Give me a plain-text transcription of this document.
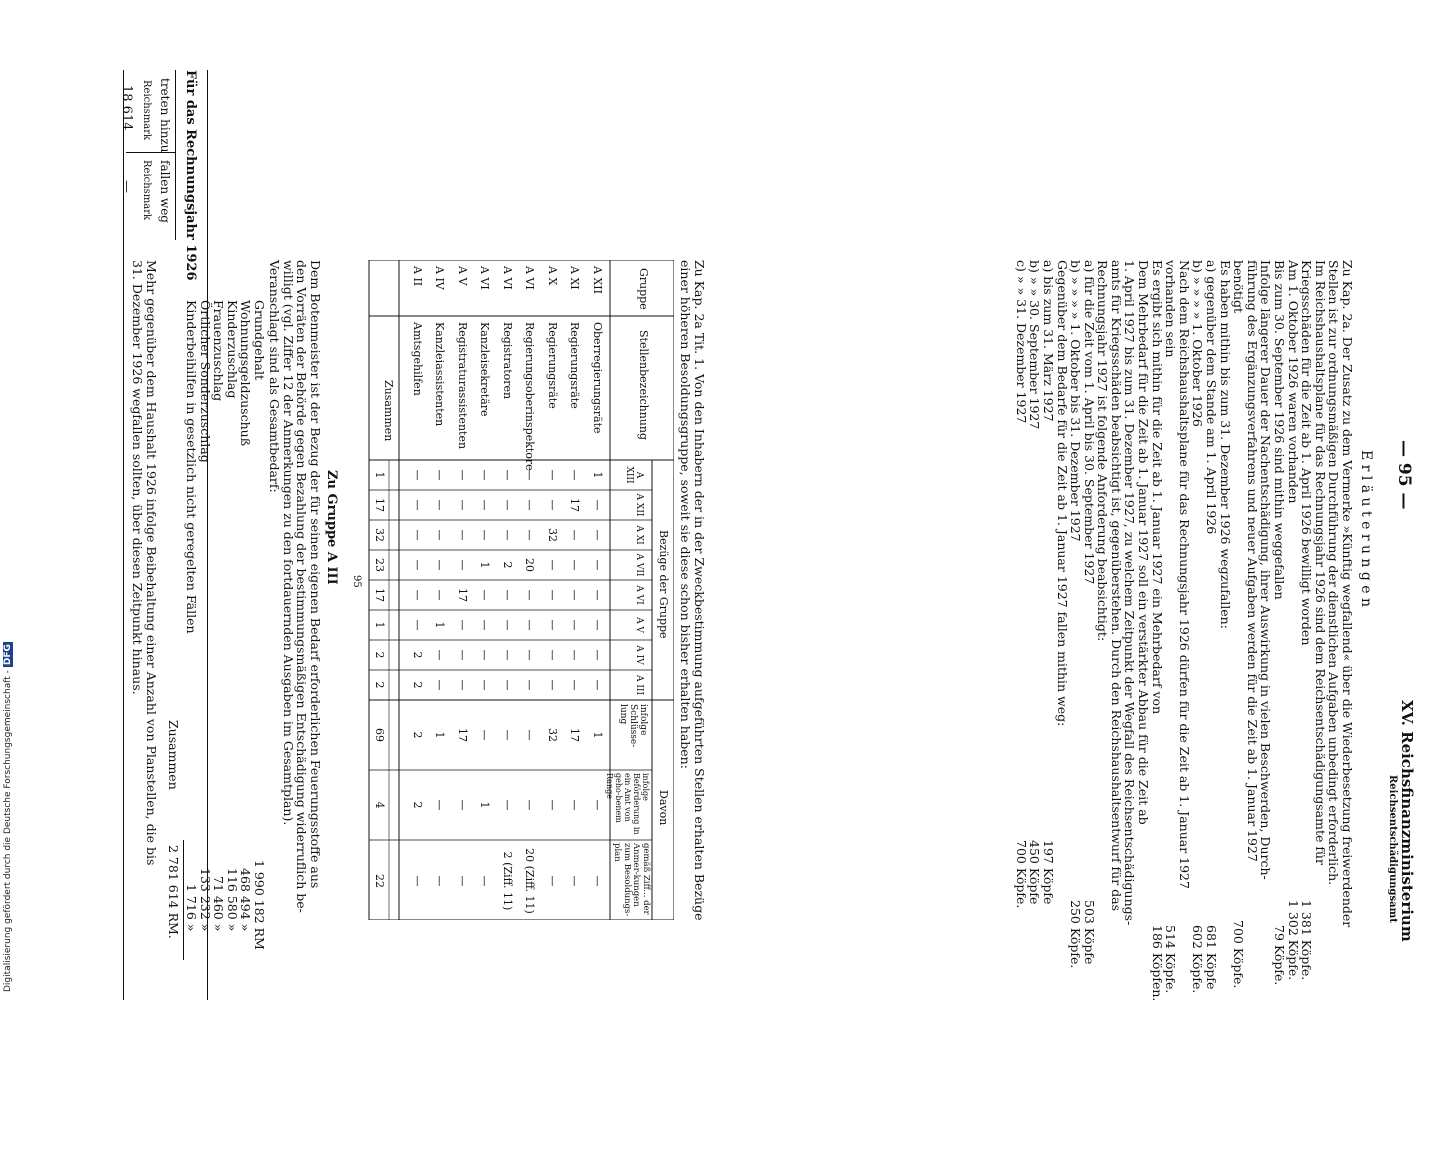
— 95 —
XV. Reichsfinanzministerium
Reichsentschädigungsamt
E r l ä u t e r u n g e n
Für das Rechnungsjahr 1926
treten hinzu
Reichsmark
fallen weg
Reichsmark
18 614
—
Zu Kap. 2a. Der Zusatz zu dem Vermerke »Künftig wegfallend« über die Wiederbesetzung freiwerdender
Stellen ist zur ordnungsmäßigen Durchführung der dienstlichen Aufgaben unbedingt erforderlich.
Im Reichshaushaltsplane für das Rechnungsjahr 1926 sind dem Reichsentschädigungsamte für
Kriegsschäden für die Zeit ab 1. April 1926 bewilligt worden
1 381 Köpfe.
Am 1. Oktober 1926 waren vorhanden
1 302 Köpfe.
Bis zum 30. September 1926 sind mithin weggefallen
79 Köpfe.
Infolge längerer Dauer der Nachentschädigung, ihrer Auswirkung in vielen Beschwerden, Durch-
führung des Ergänzungsverfahrens und neuer Aufgaben werden für die Zeit ab 1. Januar 1927
benötigt
700 Köpfe.
Es haben mithin bis zum 31. Dezember 1926 wegzufallen:
a) gegenüber dem Stande am 1. April 1926
681 Köpfe
b) » » » » 1. Oktober 1926
602 Köpfe.
Nach dem Reichshaushaltsplane für das Rechnungsjahr 1926 dürfen für die Zeit ab 1. Januar 1927
vorhanden sein
514 Köpfe.
Es ergibt sich mithin für die Zeit ab 1. Januar 1927 ein Mehrbedarf von
186 Köpfen.
Dem Mehrbedarf für die Zeit ab 1. Januar 1927 soll ein verstärkter Abbau für die Zeit ab
1. April 1927 bis zum 31. Dezember 1927, zu welchem Zeitpunkt der Wegfall des Reichsentschädigungs-
amts für Kriegsschäden beabsichtigt ist, gegenüberstehen. Durch den Reichshaushaltsentwurf für das
Rechnungsjahr 1927 ist folgende Anforderung beabsichtigt:
a) für die Zeit vom 1. April bis 30. September 1927
503 Köpfe
b) » » » » 1. Oktober bis 31. Dezember 1927
250 Köpfe.
Gegenüber dem Bedarfe für die Zeit ab 1. Januar 1927 fallen mithin weg:
a) bis zum 31. März 1927
197 Köpfe
b) » » 30. September 1927
450 Köpfe
c) » » 31. Dezember 1927
700 Köpfe.
Zu Kap. 2a Tit. 1. Von den Inhabern der in der Zweckbestimmung aufgeführten Stellen erhalten Bezüge
einer höheren Besoldungsgruppe, soweit sie diese schon bisher erhalten haben:
Gruppe
Stellenbezeichnung
Bezüge der Gruppe
Davon
A XIII
A XII
A XI
A VII
A VI
A V
A IV
A III
infolge Schlüsse-lung
infolge Beförderung in ein Amt von geho-benem Range
gemäß Ziff... der Anmer-kungen zum Besoldungs-plan
A XII
Oberregierungsräte
1
—
—
—
—
—
—
—
1
—
—
A XI
Regierungsräte
—
17
—
—
—
—
—
—
17
—
—
A X
Regierungsräte
—
—
32
—
—
—
—
—
32
—
—
A VI
Regierungsoberinspektore
—
—
—
20
—
—
—
—
—
—
20 (Ziff. 11)
A VI
Registratoren
—
—
—
2
—
—
—
—
—
—
2 (Ziff. 11)
A VI
Kanzleisekretäre
—
—
—
1
—
—
—
—
—
1
—
A V
Registraturassistenten
—
—
—
—
17
—
—
—
17
—
—
A IV
Kanzleiassistenten
—
—
—
—
—
1
—
—
1
—
—
A II
Amtsgehilfen
—
—
—
—
—
—
2
2
2
2
—
Zusammen
1
17
32
23
17
1
2
2
69
4
22
95
Zu Gruppe A III
Dem Botenmeister ist der Bezug der für seinen eigenen Bedarf erforderlichen Feuerungsstoffe aus
den Vorräten der Behörde gegen Bezahlung der bestimmungsmäßigen Entschädigung widerruflich be-
willigt (vgl. Ziffer 12 der Anmerkungen zu den fortdauernden Ausgaben im Gesamtplan).
Veranschlagt sind als Gesamtbedarf:
Grundgehalt
1 990 182 RM
Wohnungsgeldzuschuß
468 494 »
Kinderzuschlag
116 580 »
Frauenzuschlag
71 460 »
Örtlicher Sonderzuschlag
133 232 »
Kinderbeihilfen in gesetzlich nicht geregelten Fällen
1 716 »
Zusammen
2 781 614 RM.
Mehr gegenüber dem Haushalt 1926 infolge Beibehaltung einer Anzahl von Planstellen, die bis
31. Dezember 1926 wegfallen sollten, über diesen Zeitpunkt hinaus.
Digitalisierung gefördert durch die Deutsche Forschungsgemeinschaft -DFG
